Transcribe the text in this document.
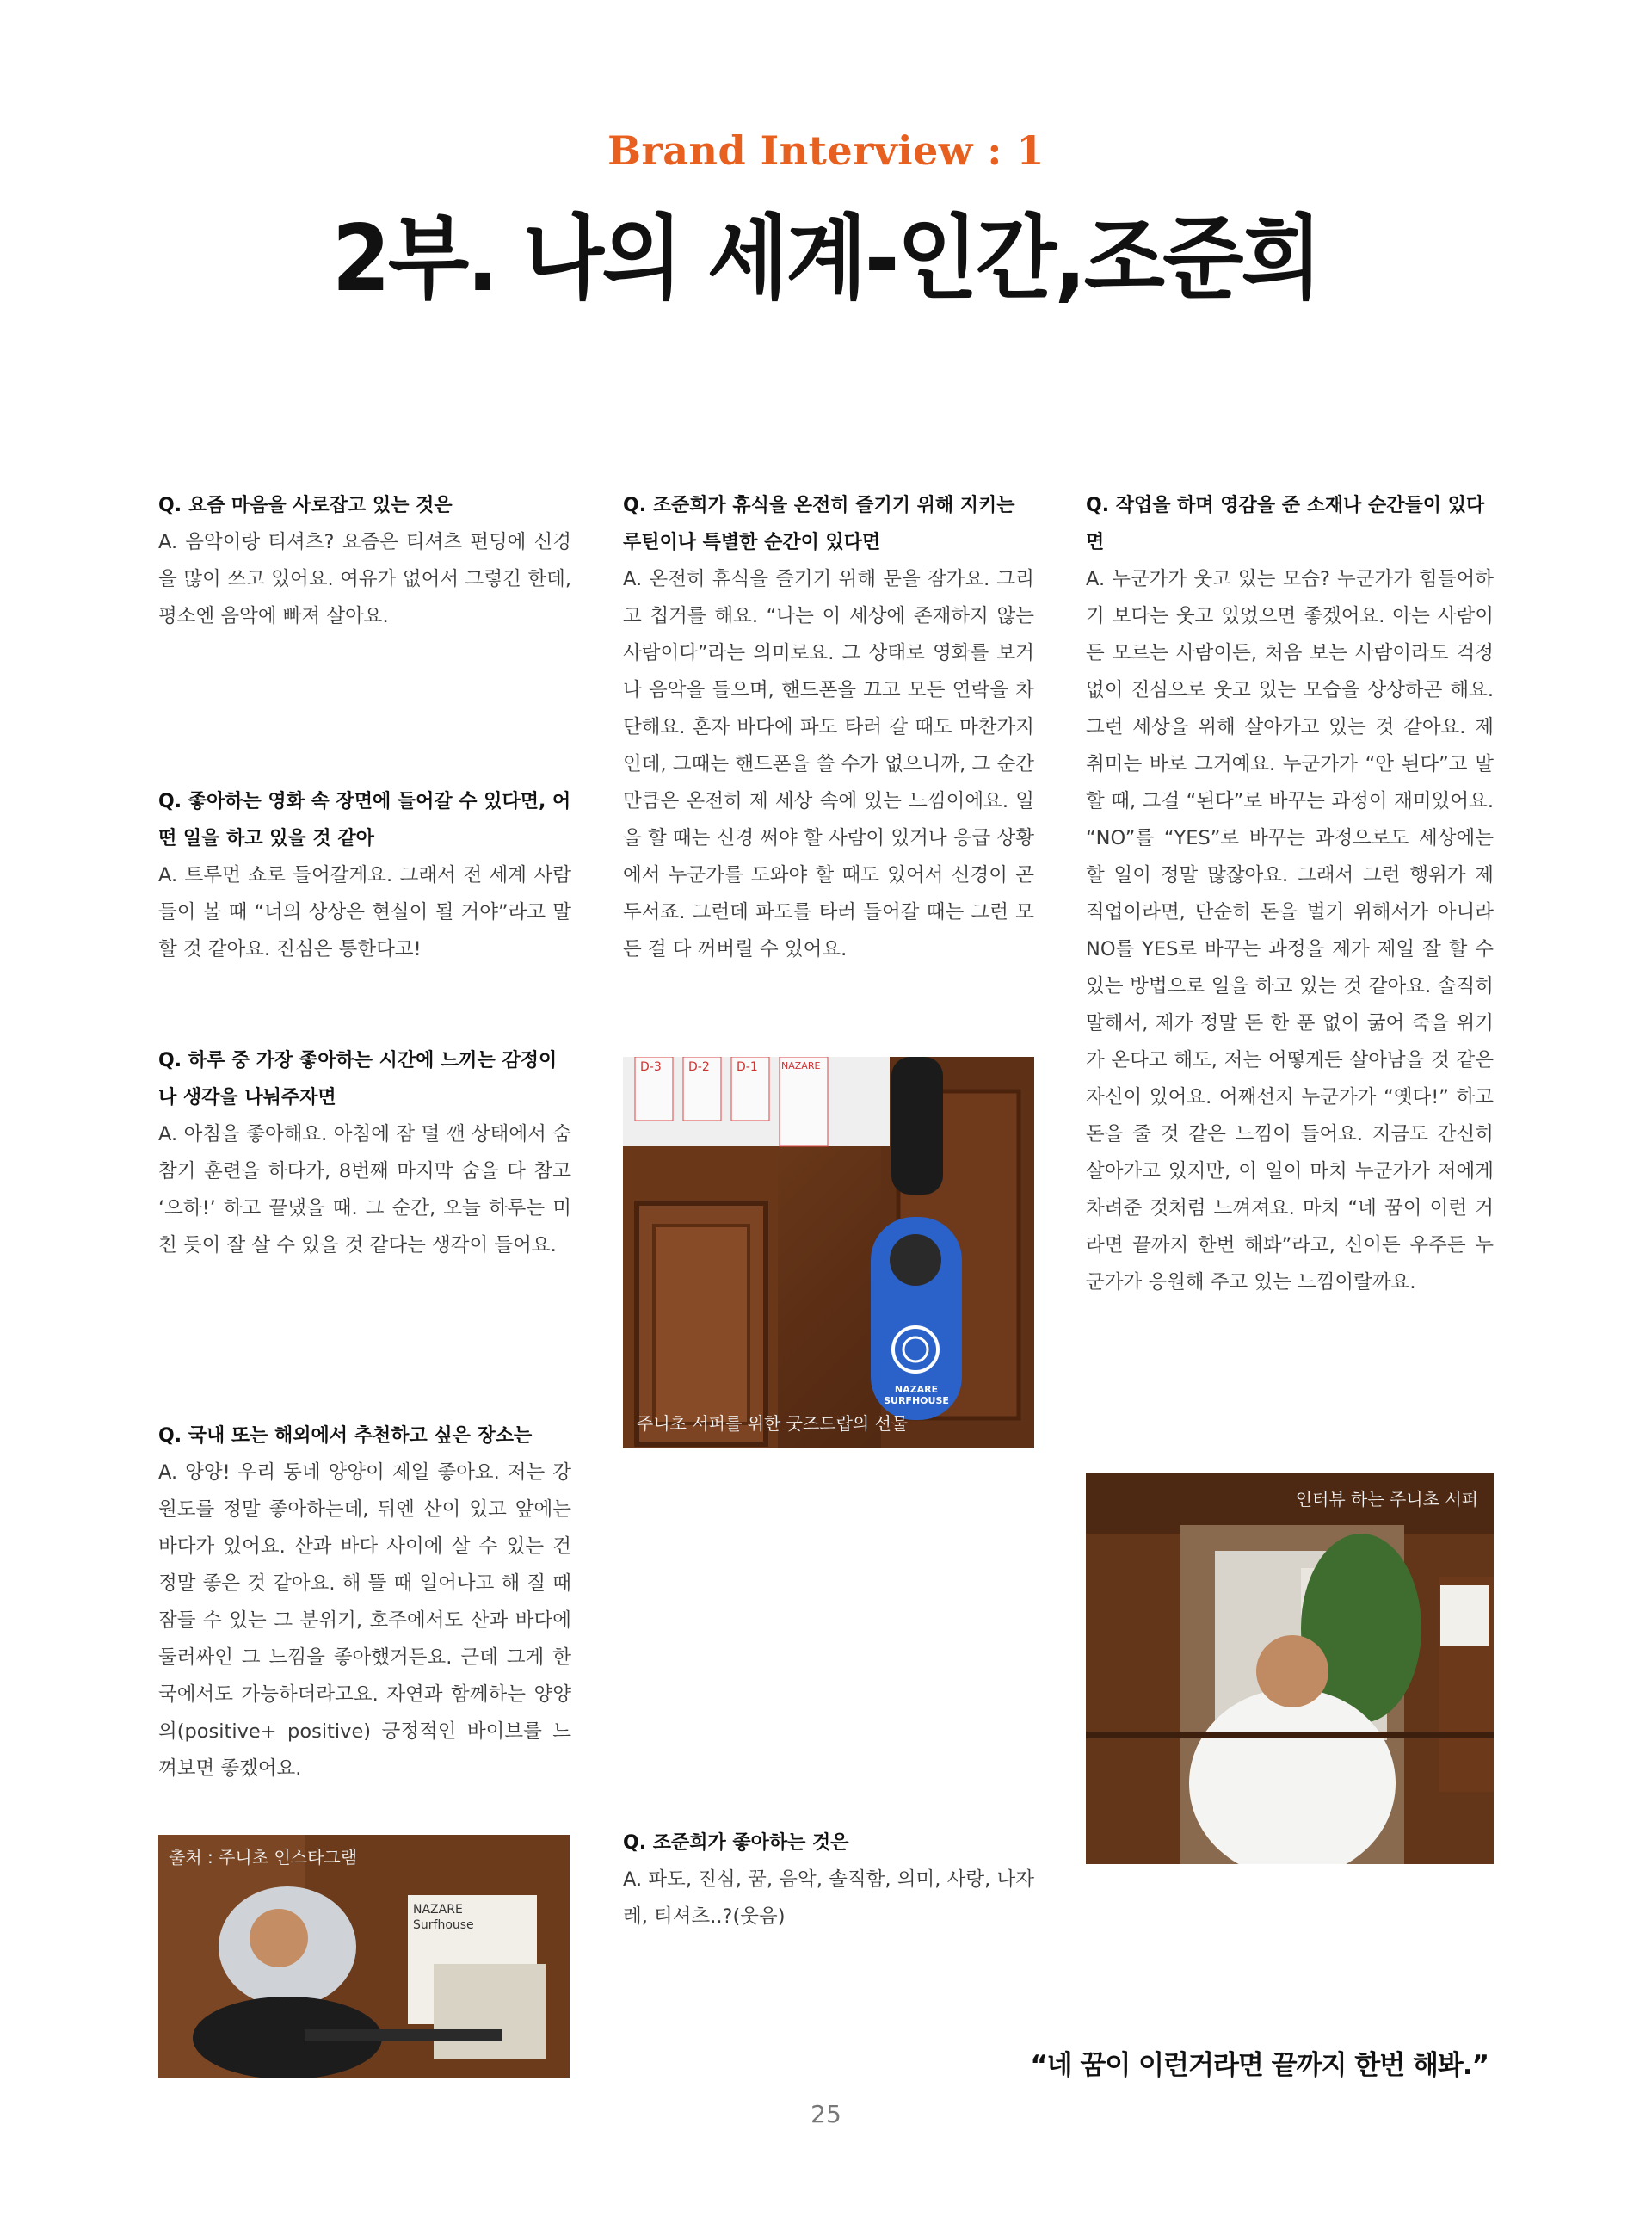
Brand Interview : 1
2부. 나의 세계-인간,조준희
Q. 요즘 마음을 사로잡고 있는 것은
A. 음악이랑 티셔츠? 요즘은 티셔츠 펀딩에 신경을 많이 쓰고 있어요. 여유가 없어서 그렇긴 한데, 평소엔 음악에 빠져 살아요.
Q. 좋아하는 영화 속 장면에 들어갈 수 있다면, 어떤 일을 하고 있을 것 같아
A. 트루먼 쇼로 들어갈게요. 그래서 전 세계 사람들이 볼 때 “너의 상상은 현실이 될 거야”라고 말할 것 같아요. 진심은 통한다고!
Q. 하루 중 가장 좋아하는 시간에 느끼는 감정이나 생각을 나눠주자면
A. 아침을 좋아해요. 아침에 잠 덜 깬 상태에서 숨 참기 훈련을 하다가, 8번째 마지막 숨을 다 참고 ‘으하!’ 하고 끝냈을 때. 그 순간, 오늘 하루는 미친 듯이 잘 살 수 있을 것 같다는 생각이 들어요.
Q. 국내 또는 해외에서 추천하고 싶은 장소는
A. 양양! 우리 동네 양양이 제일 좋아요. 저는 강원도를 정말 좋아하는데, 뒤엔 산이 있고 앞에는 바다가 있어요. 산과 바다 사이에 살 수 있는 건 정말 좋은 것 같아요. 해 뜰 때 일어나고 해 질 때 잠들 수 있는 그 분위기, 호주에서도 산과 바다에 둘러싸인 그 느낌을 좋아했거든요. 근데 그게 한국에서도 가능하더라고요. 자연과 함께하는 양양의(positive+ positive) 긍정적인 바이브를 느껴보면 좋겠어요.
Q. 조준희가 휴식을 온전히 즐기기 위해 지키는 루틴이나 특별한 순간이 있다면
A. 온전히 휴식을 즐기기 위해 문을 잠가요. 그리고 칩거를 해요. “나는 이 세상에 존재하지 않는 사람이다”라는 의미로요. 그 상태로 영화를 보거나 음악을 들으며, 핸드폰을 끄고 모든 연락을 차단해요. 혼자 바다에 파도 타러 갈 때도 마찬가지인데, 그때는 핸드폰을 쓸 수가 없으니까, 그 순간만큼은 온전히 제 세상 속에 있는 느낌이에요. 일을 할 때는 신경 써야 할 사람이 있거나 응급 상황에서 누군가를 도와야 할 때도 있어서 신경이 곤두서죠. 그런데 파도를 타러 들어갈 때는 그런 모든 걸 다 꺼버릴 수 있어요.
Q. 조준희가 좋아하는 것은
A. 파도, 진심, 꿈, 음악, 솔직함, 의미, 사랑, 나자레, 티셔츠..?(웃음)
Q. 작업을 하며 영감을 준 소재나 순간들이 있다면
A. 누군가가 웃고 있는 모습? 누군가가 힘들어하기 보다는 웃고 있었으면 좋겠어요. 아는 사람이든 모르는 사람이든, 처음 보는 사람이라도 걱정 없이 진심으로 웃고 있는 모습을 상상하곤 해요. 그런 세상을 위해 살아가고 있는 것 같아요. 제 취미는 바로 그거예요. 누군가가 “안 된다”고 말할 때, 그걸 “된다”로 바꾸는 과정이 재미있어요. “NO”를 “YES”로 바꾸는 과정으로도 세상에는 할 일이 정말 많잖아요. 그래서 그런 행위가 제 직업이라면, 단순히 돈을 벌기 위해서가 아니라 NO를 YES로 바꾸는 과정을 제가 제일 잘 할 수 있는 방법으로 일을 하고 있는 것 같아요. 솔직히 말해서, 제가 정말 돈 한 푼 없이 굶어 죽을 위기가 온다고 해도, 저는 어떻게든 살아남을 것 같은 자신이 있어요. 어째선지 누군가가 “옛다!” 하고 돈을 줄 것 같은 느낌이 들어요. 지금도 간신히 살아가고 있지만, 이 일이 마치 누군가가 저에게 차려준 것처럼 느껴져요. 마치 “네 꿈이 이런 거라면 끝까지 한번 해봐”라고, 신이든 우주든 누군가가 응원해 주고 있는 느낌이랄까요.
D-3 D-2 D-1 NAZARE
NAZARE SURFHOUSE
주니초 서퍼를 위한 굿즈드랍의 선물
인터뷰 하는 주니초 서퍼
NAZARE Surfhouse
출처 : 주니초 인스타그램
“네 꿈이 이런거라면 끝까지 한번 해봐.”
25
